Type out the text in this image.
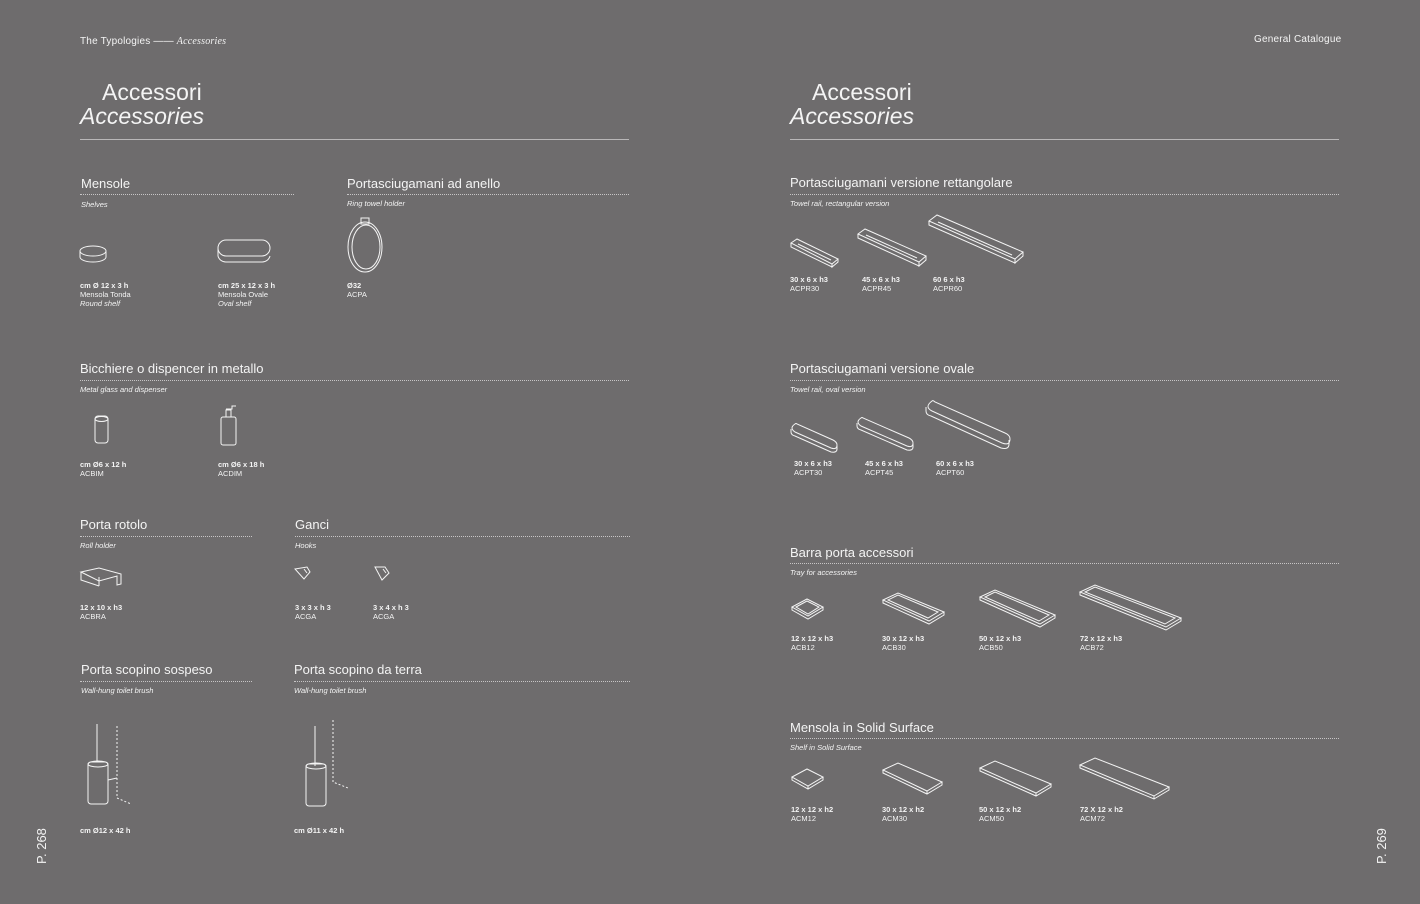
The Typologies —— Accessories	General Catalogue
Accessori
Accessories
Accessori
Accessories
P. 268	P. 269
Mensole
Shelves
cm Ø 12 x 3 h
Mensola Tonda
Round shelf
cm 25 x 12 x 3 h
Mensola Ovale
Oval shelf
Portasciugamani ad anello
Ring towel holder
Ø32
ACPA
Bicchiere o dispencer in metallo
Metal glass and dispenser
cm Ø6 x 12 h
ACBIM
cm Ø6 x 18 h
ACDIM
Porta rotolo
Roll holder
12 x 10 x h3
ACBRA
Ganci
Hooks
3 x 3 x h 3
ACGA
3 x 4 x h 3
ACGA
Porta scopino sospeso
Wall-hung toilet brush
cm Ø12 x 42 h
Porta scopino da terra
Wall-hung toilet brush
cm Ø11 x 42 h
Portasciugamani versione rettangolare
Towel rail, rectangular version
30 x 6 x h3
ACPR30
45 x 6 x h3
ACPR45
60 6 x h3
ACPR60
Portasciugamani versione ovale
Towel rail, oval version
30 x 6 x h3
ACPT30
45 x 6 x h3
ACPT45
60 x 6 x h3
ACPT60
Barra porta accessori
Tray for accessories
12 x 12 x h3
ACB12
30 x 12 x h3
ACB30
50 x 12 x h3
ACB50
72 x 12 x h3
ACB72
Mensola in Solid Surface
Shelf in Solid Surface
12 x 12 x h2
ACM12
30 x 12 x h2
ACM30
50 x 12 x h2
ACM50
72 X 12 x h2
ACM72
